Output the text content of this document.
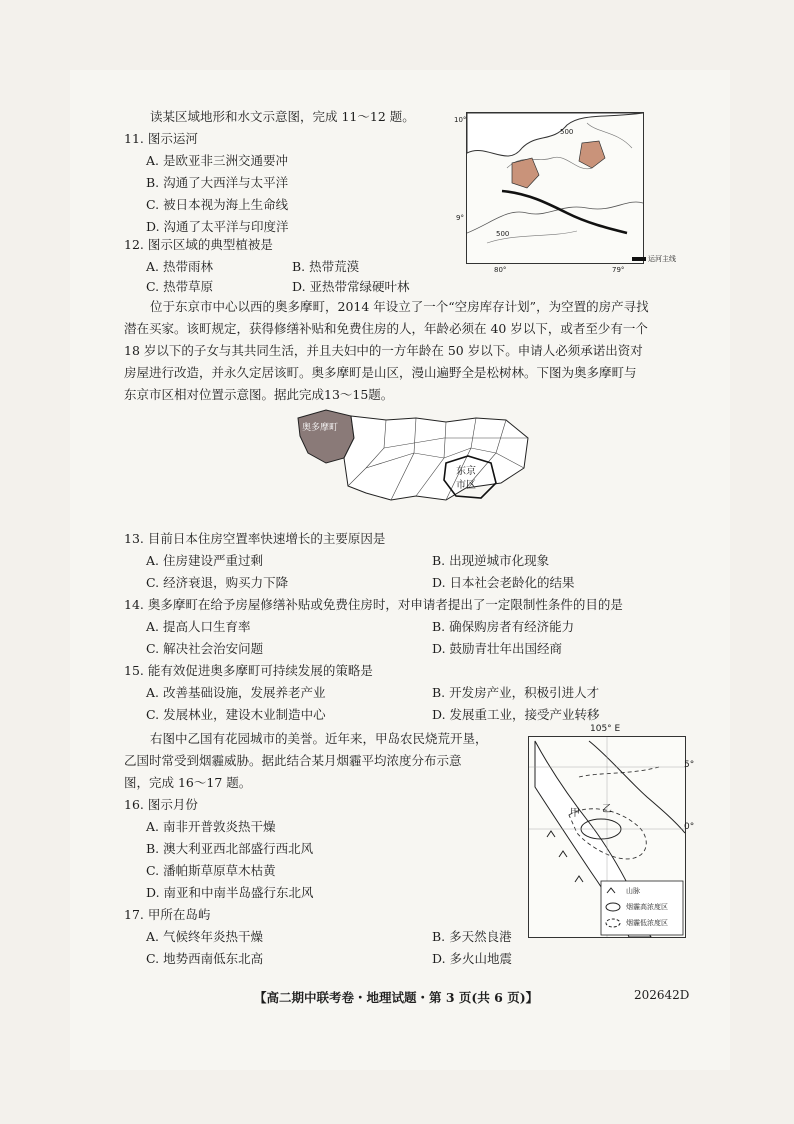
读某区域地形和水文示意图，完成 11～12 题。
11. 图示运河
A. 是欧亚非三洲交通要冲
B. 沟通了大西洋与太平洋
C. 被日本视为海上生命线
D. 沟通了太平洋与印度洋
12. 图示区域的典型植被是
A. 热带雨林	B. 热带荒漠
C. 热带草原	D. 亚热带常绿硬叶林
10°
9°
80°	79°
500
500
运河主线
位于东京市中心以西的奥多摩町，2014 年设立了一个“空房库存计划”，为空置的房产寻找
潜在买家。该町规定，获得修缮补贴和免费住房的人，年龄必须在 40 岁以下，或者至少有一个
18 岁以下的子女与其共同生活，并且夫妇中的一方年龄在 50 岁以下。申请人必须承诺出资对
房屋进行改造，并永久定居该町。奥多摩町是山区，漫山遍野全是松树林。下图为奥多摩町与
东京市区相对位置示意图。据此完成13～15题。
奥多摩町
东京
市区
13. 目前日本住房空置率快速增长的主要原因是
A. 住房建设严重过剩	B. 出现逆城市化现象
C. 经济衰退，购买力下降	D. 日本社会老龄化的结果
14. 奥多摩町在给予房屋修缮补贴或免费住房时，对申请者提出了一定限制性条件的目的是
A. 提高人口生育率	B. 确保购房者有经济能力
C. 解决社会治安问题	D. 鼓励青壮年出国经商
15. 能有效促进奥多摩町可持续发展的策略是
A. 改善基础设施，发展养老产业	B. 开发房产业，积极引进人才
C. 发展林业，建设木业制造中心	D. 发展重工业，接受产业转移
右图中乙国有花园城市的美誉。近年来，甲岛农民烧荒开垦，
乙国时常受到烟霾威胁。据此结合某月烟霾平均浓度分布示意
图，完成 16～17 题。
105° E
5°
0°
甲 乙
山脉
烟霾高浓度区
烟霾低浓度区
16. 图示月份
A. 南非开普敦炎热干燥
B. 澳大利亚西北部盛行西北风
C. 潘帕斯草原草木枯黄
D. 南亚和中南半岛盛行东北风
17. 甲所在岛屿
A. 气候终年炎热干燥	B. 多天然良港
C. 地势西南低东北高	D. 多火山地震
【高二期中联考卷・地理试题・第 3 页(共 6 页)】	202642D
